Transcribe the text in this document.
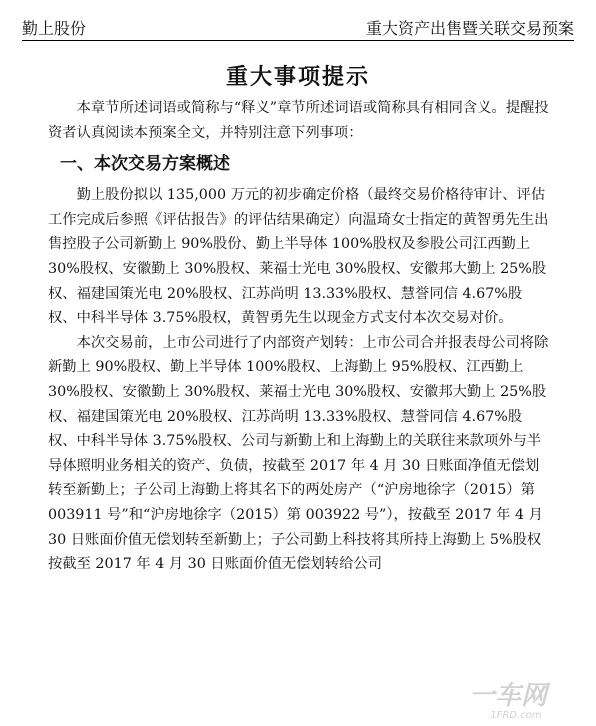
勤上股份	重大资产出售暨关联交易预案
重大事项提示

本章节所述词语或简称与“释义”章节所述词语或简称具有相同含义。提醒投资者认真阅读本预案全文，并特别注意下列事项：

一、本次交易方案概述

勤上股份拟以 135,000 万元的初步确定价格（最终交易价格待审计、评估工作完成后参照《评估报告》的评估结果确定）向温琦女士指定的黄智勇先生出售控股子公司新勤上 90%股份、勤上半导体 100%股权及参股公司江西勤上 30%股权、安徽勤上 30%股权、莱福士光电 30%股权、安徽邦大勤上 25%股权、福建国策光电 20%股权、江苏尚明 13.33%股权、慧誉同信 4.67%股权、中科半导体 3.75%股权，黄智勇先生以现金方式支付本次交易对价。

本次交易前，上市公司进行了内部资产划转：上市公司合并报表母公司将除新勤上 90%股权、勤上半导体 100%股权、上海勤上 95%股权、江西勤上 30%股权、安徽勤上 30%股权、莱福士光电 30%股权、安徽邦大勤上 25%股权、福建国策光电 20%股权、江苏尚明 13.33%股权、慧誉同信 4.67%股权、中科半导体 3.75%股权、公司与新勤上和上海勤上的关联往来款项外与半导体照明业务相关的资产、负债，按截至 2017 年 4 月 30 日账面净值无偿划转至新勤上；子公司上海勤上将其名下的两处房产（“沪房地徐字（2015）第 003911 号”和“沪房地徐字（2015）第 003922 号”），按截至 2017 年 4 月 30 日账面价值无偿划转至新勤上；子公司勤上科技将其所持上海勤上 5%股权按截至 2017 年 4 月 30 日账面价值无偿划转给公司

一车网
1FRD.com
